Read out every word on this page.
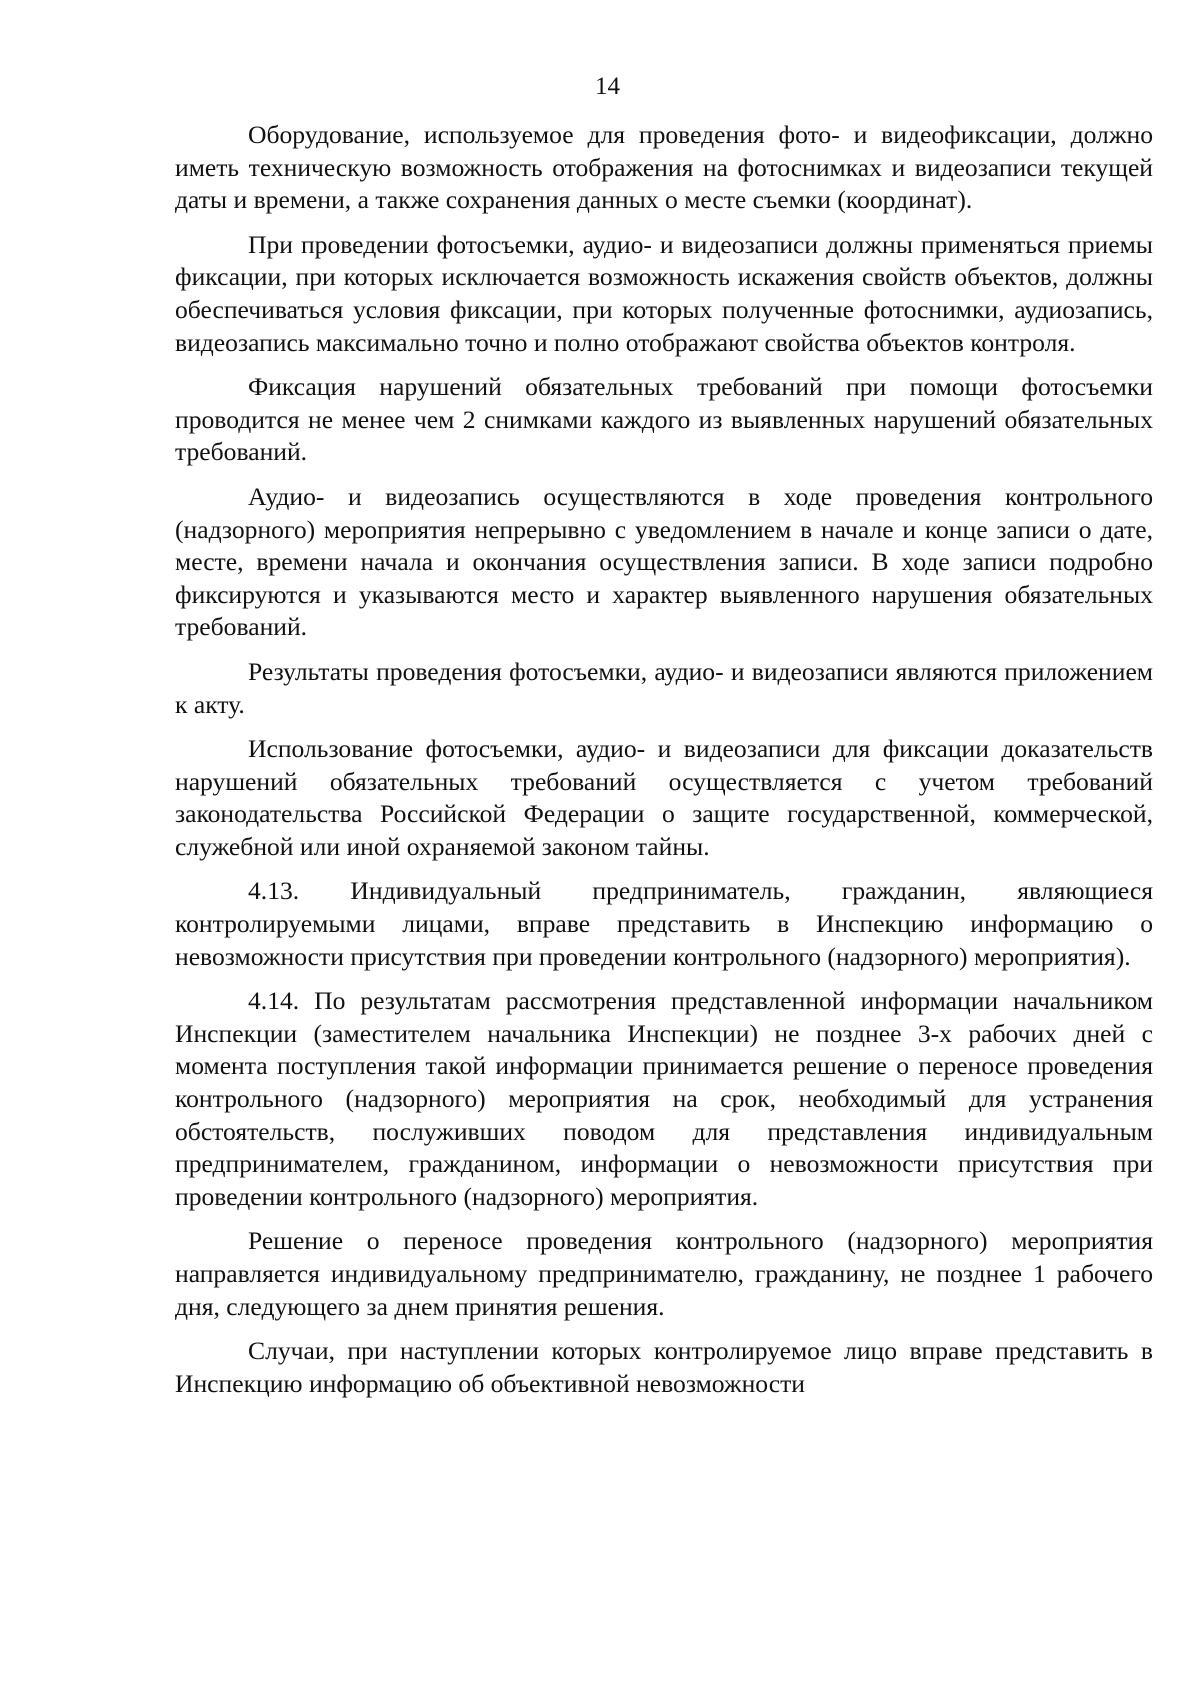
14

Оборудование, используемое для проведения фото- и видеофиксации, должно иметь техническую возможность отображения на фотоснимках и видеозаписи текущей даты и времени, а также сохранения данных о месте съемки (координат).

При проведении фотосъемки, аудио- и видеозаписи должны применяться приемы фиксации, при которых исключается возможность искажения свойств объектов, должны обеспечиваться условия фиксации, при которых полученные фотоснимки, аудиозапись, видеозапись максимально точно и полно отображают свойства объектов контроля.

Фиксация нарушений обязательных требований при помощи фотосъемки проводится не менее чем 2 снимками каждого из выявленных нарушений обязательных требований.

Аудио- и видеозапись осуществляются в ходе проведения контрольного (надзорного) мероприятия непрерывно с уведомлением в начале и конце записи о дате, месте, времени начала и окончания осуществления записи. В ходе записи подробно фиксируются и указываются место и характер выявленного нарушения обязательных требований.

Результаты проведения фотосъемки, аудио- и видеозаписи являются приложением к акту.

Использование фотосъемки, аудио- и видеозаписи для фиксации доказательств нарушений обязательных требований осуществляется с учетом требований законодательства Российской Федерации о защите государственной, коммерческой, служебной или иной охраняемой законом тайны.

4.13. Индивидуальный предприниматель, гражданин, являющиеся контролируемыми лицами, вправе представить в Инспекцию информацию о невозможности присутствия при проведении контрольного (надзорного) мероприятия).

4.14. По результатам рассмотрения представленной информации начальником Инспекции (заместителем начальника Инспекции) не позднее 3-х рабочих дней с момента поступления такой информации принимается решение о переносе проведения контрольного (надзорного) мероприятия на срок, необходимый для устранения обстоятельств, послуживших поводом для представления индивидуальным предпринимателем, гражданином, информации о невозможности присутствия при проведении контрольного (надзорного) мероприятия.

Решение о переносе проведения контрольного (надзорного) мероприятия направляется индивидуальному предпринимателю, гражданину, не позднее 1 рабочего дня, следующего за днем принятия решения.

Случаи, при наступлении которых контролируемое лицо вправе представить в Инспекцию информацию об объективной невозможности
